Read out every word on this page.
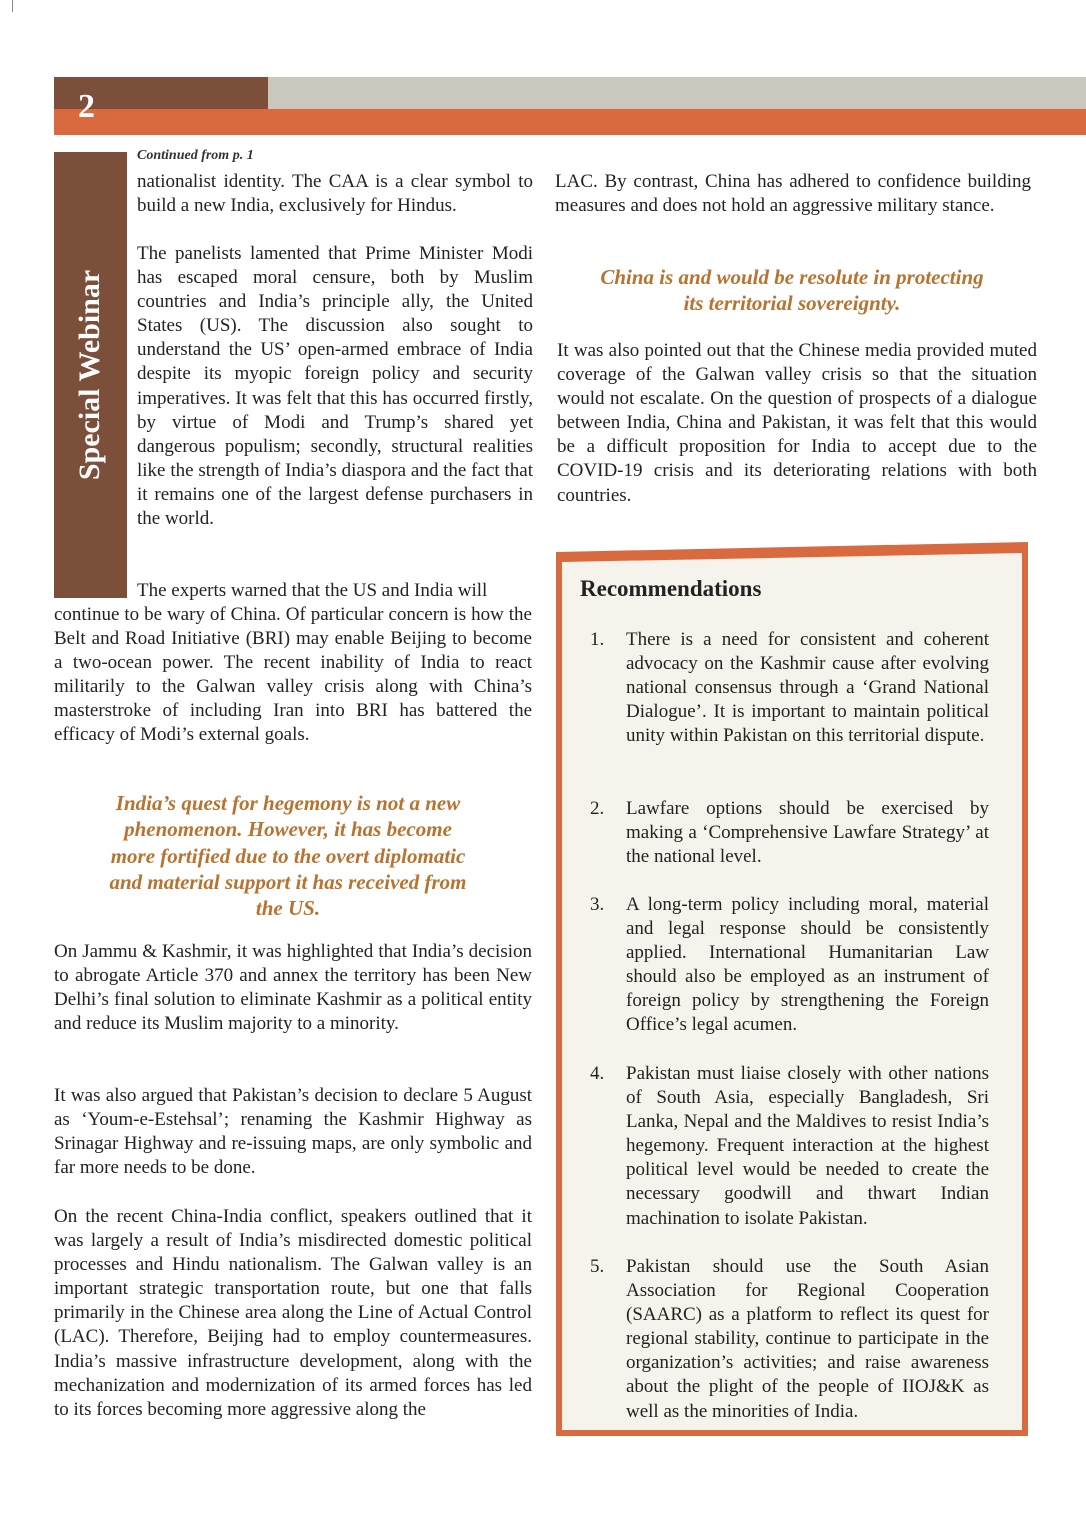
2
Special Webinar
Continued from p. 1

nationalist identity. The CAA is a clear symbol to build a new India, exclusively for Hindus.

The panelists lamented that Prime Minister Modi has escaped moral censure, both by Muslim countries and India’s principle ally, the United States (US). The discussion also sought to understand the US’ open-armed embrace of India despite its myopic foreign policy and security imperatives. It was felt that this has occurred firstly, by virtue of Modi and Trump’s shared yet dangerous populism; secondly, structural realities like the strength of India’s diaspora and the fact that it remains one of the largest defense purchasers in the world.

The experts warned that the US and India will

continue to be wary of China. Of particular concern is how the Belt and Road Initiative (BRI) may enable Beijing to become a two-ocean power. The recent inability of India to react militarily to the Galwan valley crisis along with China’s masterstroke of including Iran into BRI has battered the efficacy of Modi’s external goals.

India’s quest for hegemony is not a new phenomenon. However, it has become more fortified due to the overt diplomatic and material support it has received from the US.

On Jammu & Kashmir, it was highlighted that India’s decision to abrogate Article 370 and annex the territory has been New Delhi’s final solution to eliminate Kashmir as a political entity and reduce its Muslim majority to a minority.

It was also argued that Pakistan’s decision to declare 5 August as ‘Youm-e-Estehsal’; renaming the Kashmir Highway as Srinagar Highway and re-issuing maps, are only symbolic and far more needs to be done.

On the recent China-India conflict, speakers outlined that it was largely a result of India’s misdirected domestic political processes and Hindu nationalism. The Galwan valley is an important strategic transportation route, but one that falls primarily in the Chinese area along the Line of Actual Control (LAC). Therefore, Beijing had to employ countermeasures. India’s massive infrastructure development, along with the mechanization and modernization of its armed forces has led to its forces becoming more aggressive along the

LAC. By contrast, China has adhered to confidence building measures and does not hold an aggressive military stance.

China is and would be resolute in protecting its territorial sovereignty.

It was also pointed out that the Chinese media provided muted coverage of the Galwan valley crisis so that the situation would not escalate. On the question of prospects of a dialogue between India, China and Pakistan, it was felt that this would be a difficult proposition for India to accept due to the COVID-19 crisis and its deteriorating relations with both countries.

Recommendations
1. There is a need for consistent and coherent advocacy on the Kashmir cause after evolving national consensus through a ‘Grand National Dialogue’. It is important to maintain political unity within Pakistan on this territorial dispute.

2. Lawfare options should be exercised by making a ‘Comprehensive Lawfare Strategy’ at the national level.

3. A long-term policy including moral, material and legal response should be consistently applied. International Humanitarian Law should also be employed as an instrument of foreign policy by strengthening the Foreign Office’s legal acumen.

4. Pakistan must liaise closely with other nations of South Asia, especially Bangladesh, Sri Lanka, Nepal and the Maldives to resist India’s hegemony. Frequent interaction at the highest political level would be needed to create the necessary goodwill and thwart Indian machination to isolate Pakistan.

5. Pakistan should use the South Asian Association for Regional Cooperation (SAARC) as a platform to reflect its quest for regional stability, continue to participate in the organization’s activities; and raise awareness about the plight of the people of IIOJ&K as well as the minorities of India.
